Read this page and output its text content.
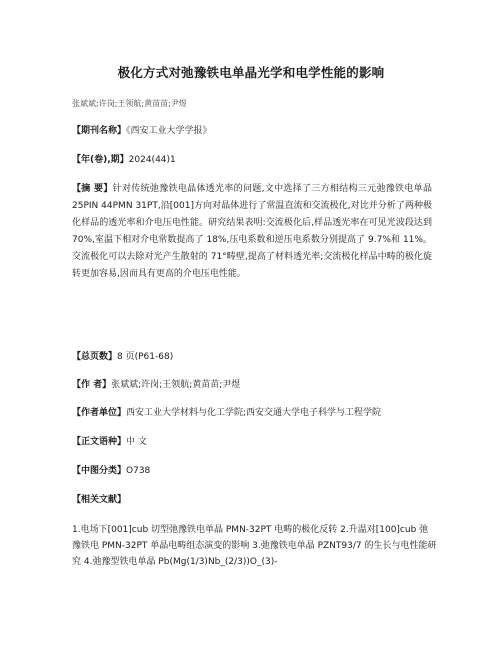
极化方式对弛豫铁电单晶光学和电学性能的影响
张斌斌;许岗;王领航;黄苗苗;尹煜
【期刊名称】《西安工业大学学报》
【年(卷),期】2024(44)1
【摘 要】针对传统弛豫铁电晶体透光率的问题,文中选择了三方相结构三元弛豫铁电单晶 25PIN 44PMN 31PT,沿[001]方向对晶体进行了常温直流和交流极化,对比并分析了两种极化样品的透光率和介电压电性能。研究结果表明:交流极化后,样品透光率在可见光波段达到 70%,室温下相对介电常数提高了 18%,压电系数和逆压电系数分别提高了 9.7%和 11%。交流极化可以去除对光产生散射的 71°畴壁,提高了材料透光率;交流极化样品中畴的极化旋转更加容易,因而具有更高的介电压电性能。
【总页数】8 页(P61-68)
【作 者】张斌斌;许岗;王领航;黄苗苗;尹煜
【作者单位】西安工业大学材料与化工学院;西安交通大学电子科学与工程学院
【正文语种】中 文
【中图分类】O738
【相关文献】
1.电场下[001]cub 切型弛豫铁电单晶 PMN-32PT 电畴的极化反转 2.升温对[100]cub 弛豫铁电 PMN-32PT 单晶电畴组态演变的影响 3.弛豫铁电单晶 PZNT93/7 的生长与电性能研究 4.弛豫型铁电单晶 Pb(Mg(1/3)Nb_(2/3))O_(3)-
